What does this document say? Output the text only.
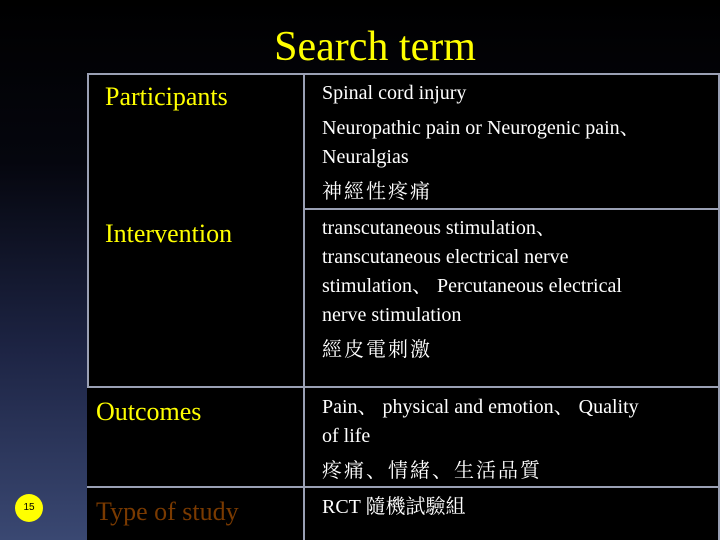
Search term
Participants
Intervention
Outcomes
Type of study
Spinal cord injury
Neuropathic pain or Neurogenic pain、
Neuralgias
神經性疼痛
transcutaneous stimulation、
transcutaneous electrical nerve
stimulation、 Percutaneous electrical
nerve stimulation
經皮電刺激
Pain、 physical and emotion、 Quality
of life
疼痛、情緒、生活品質
RCT 隨機試驗組
15
